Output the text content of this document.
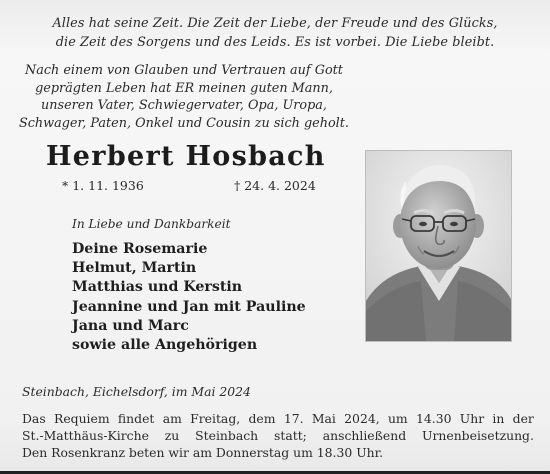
Alles hat seine Zeit. Die Zeit der Liebe, der Freude und des Glücks,
die Zeit des Sorgens und des Leids. Es ist vorbei. Die Liebe bleibt.
Nach einem von Glauben und Vertrauen auf Gott
geprägten Leben hat ER meinen guten Mann,
unseren Vater, Schwiegervater, Opa, Uropa,
Schwager, Paten, Onkel und Cousin zu sich geholt.
Herbert Hosbach
* 1. 11. 1936	† 24. 4. 2024
In Liebe und Dankbarkeit
Deine Rosemarie
Helmut, Martin
Matthias und Kerstin
Jeannine und Jan mit Pauline
Jana und Marc
sowie alle Angehörigen
Steinbach, Eichelsdorf, im Mai 2024
Das Requiem findet am Freitag, dem 17. Mai 2024, um 14.30 Uhr in der
St.-Matthäus-Kirche zu Steinbach statt; anschließend Urnenbeisetzung.
Den Rosenkranz beten wir am Donnerstag um 18.30 Uhr.
